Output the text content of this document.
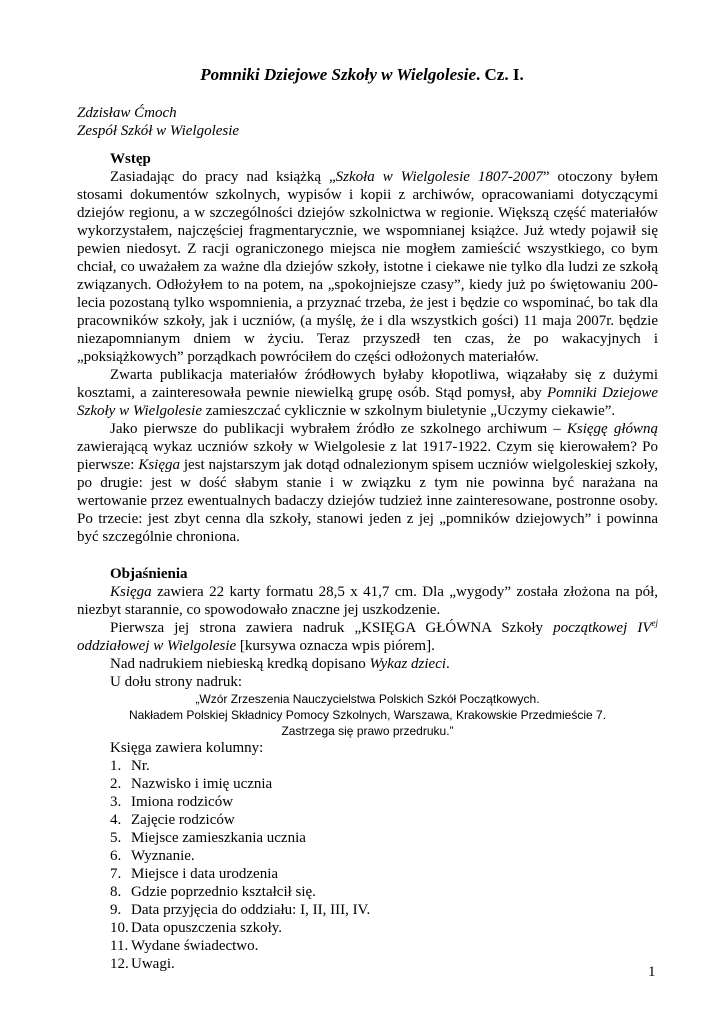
Pomniki Dziejowe Szkoły w Wielgolesie. Cz. I.
Zdzisław Ćmoch
Zespół Szkół w Wielgolesie
Wstęp

Zasiadając do pracy nad książką „Szkoła w Wielgolesie 1807-2007” otoczony byłem stosami dokumentów szkolnych, wypisów i kopii z archiwów, opracowaniami dotyczącymi dziejów regionu, a w szczególności dziejów szkolnictwa w regionie. Większą część materiałów wykorzystałem, najczęściej fragmentarycznie, we wspomnianej książce. Już wtedy pojawił się pewien niedosyt. Z racji ograniczonego miejsca nie mogłem zamieścić wszystkiego, co bym chciał, co uważałem za ważne dla dziejów szkoły, istotne i ciekawe nie tylko dla ludzi ze szkołą związanych. Odłożyłem to na potem, na „spokojniejsze czasy”, kiedy już po świętowaniu 200-lecia pozostaną tylko wspomnienia, a przyznać trzeba, że jest i będzie co wspominać, bo tak dla pracowników szkoły, jak i uczniów, (a myślę, że i dla wszystkich gości) 11 maja 2007r. będzie niezapomnianym dniem w życiu. Teraz przyszedł ten czas, że po wakacyjnych i „poksiążkowych” porządkach powróciłem do części odłożonych materiałów.

Zwarta publikacja materiałów źródłowych byłaby kłopotliwa, wiązałaby się z dużymi kosztami, a zainteresowała pewnie niewielką grupę osób. Stąd pomysł, aby Pomniki Dziejowe Szkoły w Wielgolesie zamieszczać cyklicznie w szkolnym biuletynie „Uczymy ciekawie”.

Jako pierwsze do publikacji wybrałem źródło ze szkolnego archiwum – Księgę główną zawierającą wykaz uczniów szkoły w Wielgolesie z lat 1917-1922. Czym się kierowałem? Po pierwsze: Księga jest najstarszym jak dotąd odnalezionym spisem uczniów wielgoleskiej szkoły, po drugie: jest w dość słabym stanie i w związku z tym nie powinna być narażana na wertowanie przez ewentualnych badaczy dziejów tudzież inne zainteresowane, postronne osoby. Po trzecie: jest zbyt cenna dla szkoły, stanowi jeden z jej „pomników dziejowych” i powinna być szczególnie chroniona.

Objaśnienia

Księga zawiera 22 karty formatu 28,5 x 41,7 cm. Dla „wygody” została złożona na pół, niezbyt starannie, co spowodowało znaczne jej uszkodzenie.

Pierwsza jej strona zawiera nadruk „KSIĘGA GŁÓWNA Szkoły początkowej $IV^{ej}$ oddziałowej w Wielgolesie [kursywa oznacza wpis piórem].

Nad nadrukiem niebieską kredką dopisano Wykaz dzieci.
U dołu strony nadruk:
„Wzór Zrzeszenia Nauczycielstwa Polskich Szkół Początkowych.
Nakładem Polskiej Składnicy Pomocy Szkolnych, Warszawa, Krakowskie Przedmieście 7.
Zastrzega się prawo przedruku.”
Księga zawiera kolumny:
1. Nr.
2. Nazwisko i imię ucznia
3. Imiona rodziców
4. Zajęcie rodziców
5. Miejsce zamieszkania ucznia
6. Wyznanie.
7. Miejsce i data urodzenia
8. Gdzie poprzednio kształcił się.
9. Data przyjęcia do oddziału: I, II, III, IV.
10. Data opuszczenia szkoły.
11. Wydane świadectwo.
12. Uwagi.	1
